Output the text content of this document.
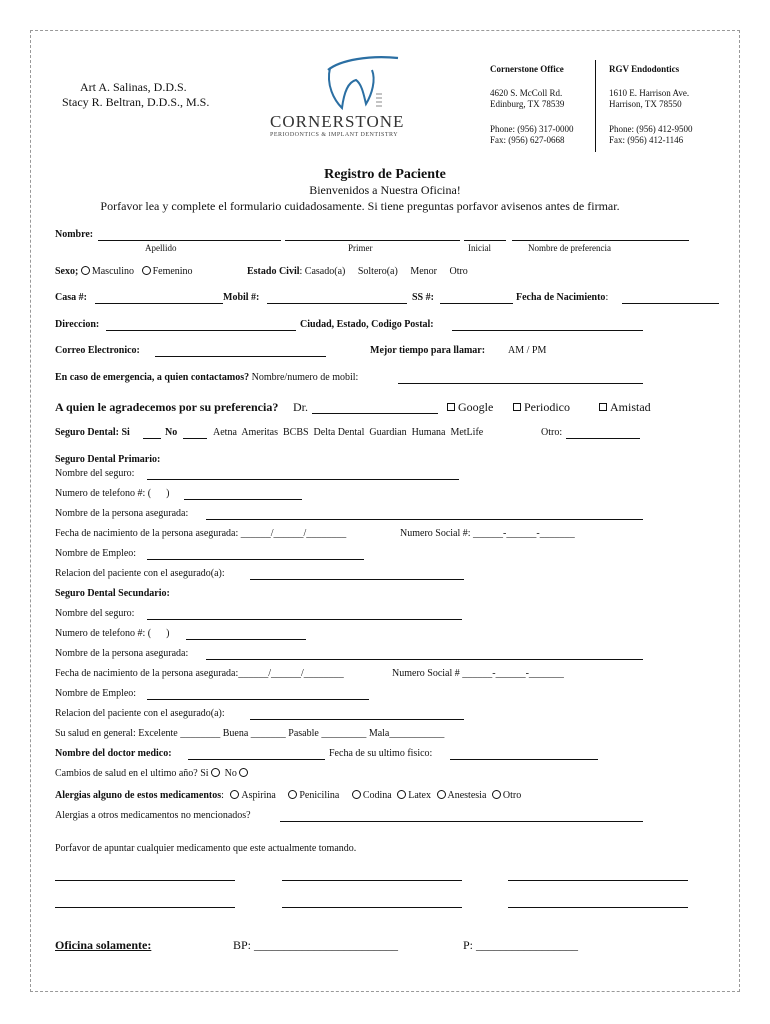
Art A. Salinas, D.D.S.
Stacy R. Beltran, D.D.S., M.S.
CORNERSTONE
PERIODONTICS & IMPLANT DENTISTRY
Cornerstone Office
4620 S. McColl Rd.
Edinburg, TX 78539
Phone: (956) 317-0000
Fax: (956) 627-0668
RGV Endodontics
1610 E. Harrison Ave.
Harrison, TX 78550
Phone: (956) 412-9500
Fax: (956) 412-1146
Registro de Paciente
Bienvenidos a Nuestra Oficina!
Porfavor lea y complete el formulario cuidadosamente. Si tiene preguntas porfavor avisenos antes de firmar.
Nombre:
Apellido	Primer	Inicial	Nombre de preferencia
Sexo; Masculino Femenino	Estado Civil: Casado(a)     Soltero(a)     Menor     Otro
Casa #:	Mobil #:	SS #:	Fecha de Nacimiento:
Direccion:	Ciudad, Estado, Codigo Postal:
Correo Electronico:	Mejor tiempo para llamar: AM / PM
En caso de emergencia, a quien contactamos? Nombre/numero de mobil:
A quien le agradecemos por su preferencia? Dr.	Google	Periodico	Amistad
Seguro Dental: Si	No	Aetna  Ameritas  BCBS  Delta Dental  Guardian  Humana  MetLife	Otro:
Seguro Dental Primario:
Nombre del seguro:
Numero de telefono #: (      )
Nombre de la persona asegurada:
Fecha de nacimiento de la persona asegurada: ______/______/________	Numero Social #: ______-______-_______
Nombre de Empleo:
Relacion del paciente con el asegurado(a):
Seguro Dental Secundario:
Nombre del seguro:
Numero de telefono #: (      )
Nombre de la persona asegurada:
Fecha de nacimiento de la persona asegurada:______/______/________	Numero Social # ______-______-_______
Nombre de Empleo:
Relacion del paciente con el asegurado(a):
Su salud en general: Excelente ________ Buena _______ Pasable _________ Mala___________
Nombre del doctor medico:	Fecha de su ultimo fisico:
Cambios de salud en el ultimo año? Si No
Alergias alguno de estos medicamentos: Aspirina Penicilina Codina Latex Anestesia Otro
Alergias a otros medicamentos no mencionados?
Porfavor de apuntar cualquier medicamento que este actualmente tomando.
Oficina solamente:	BP: ________________________	P: _________________
